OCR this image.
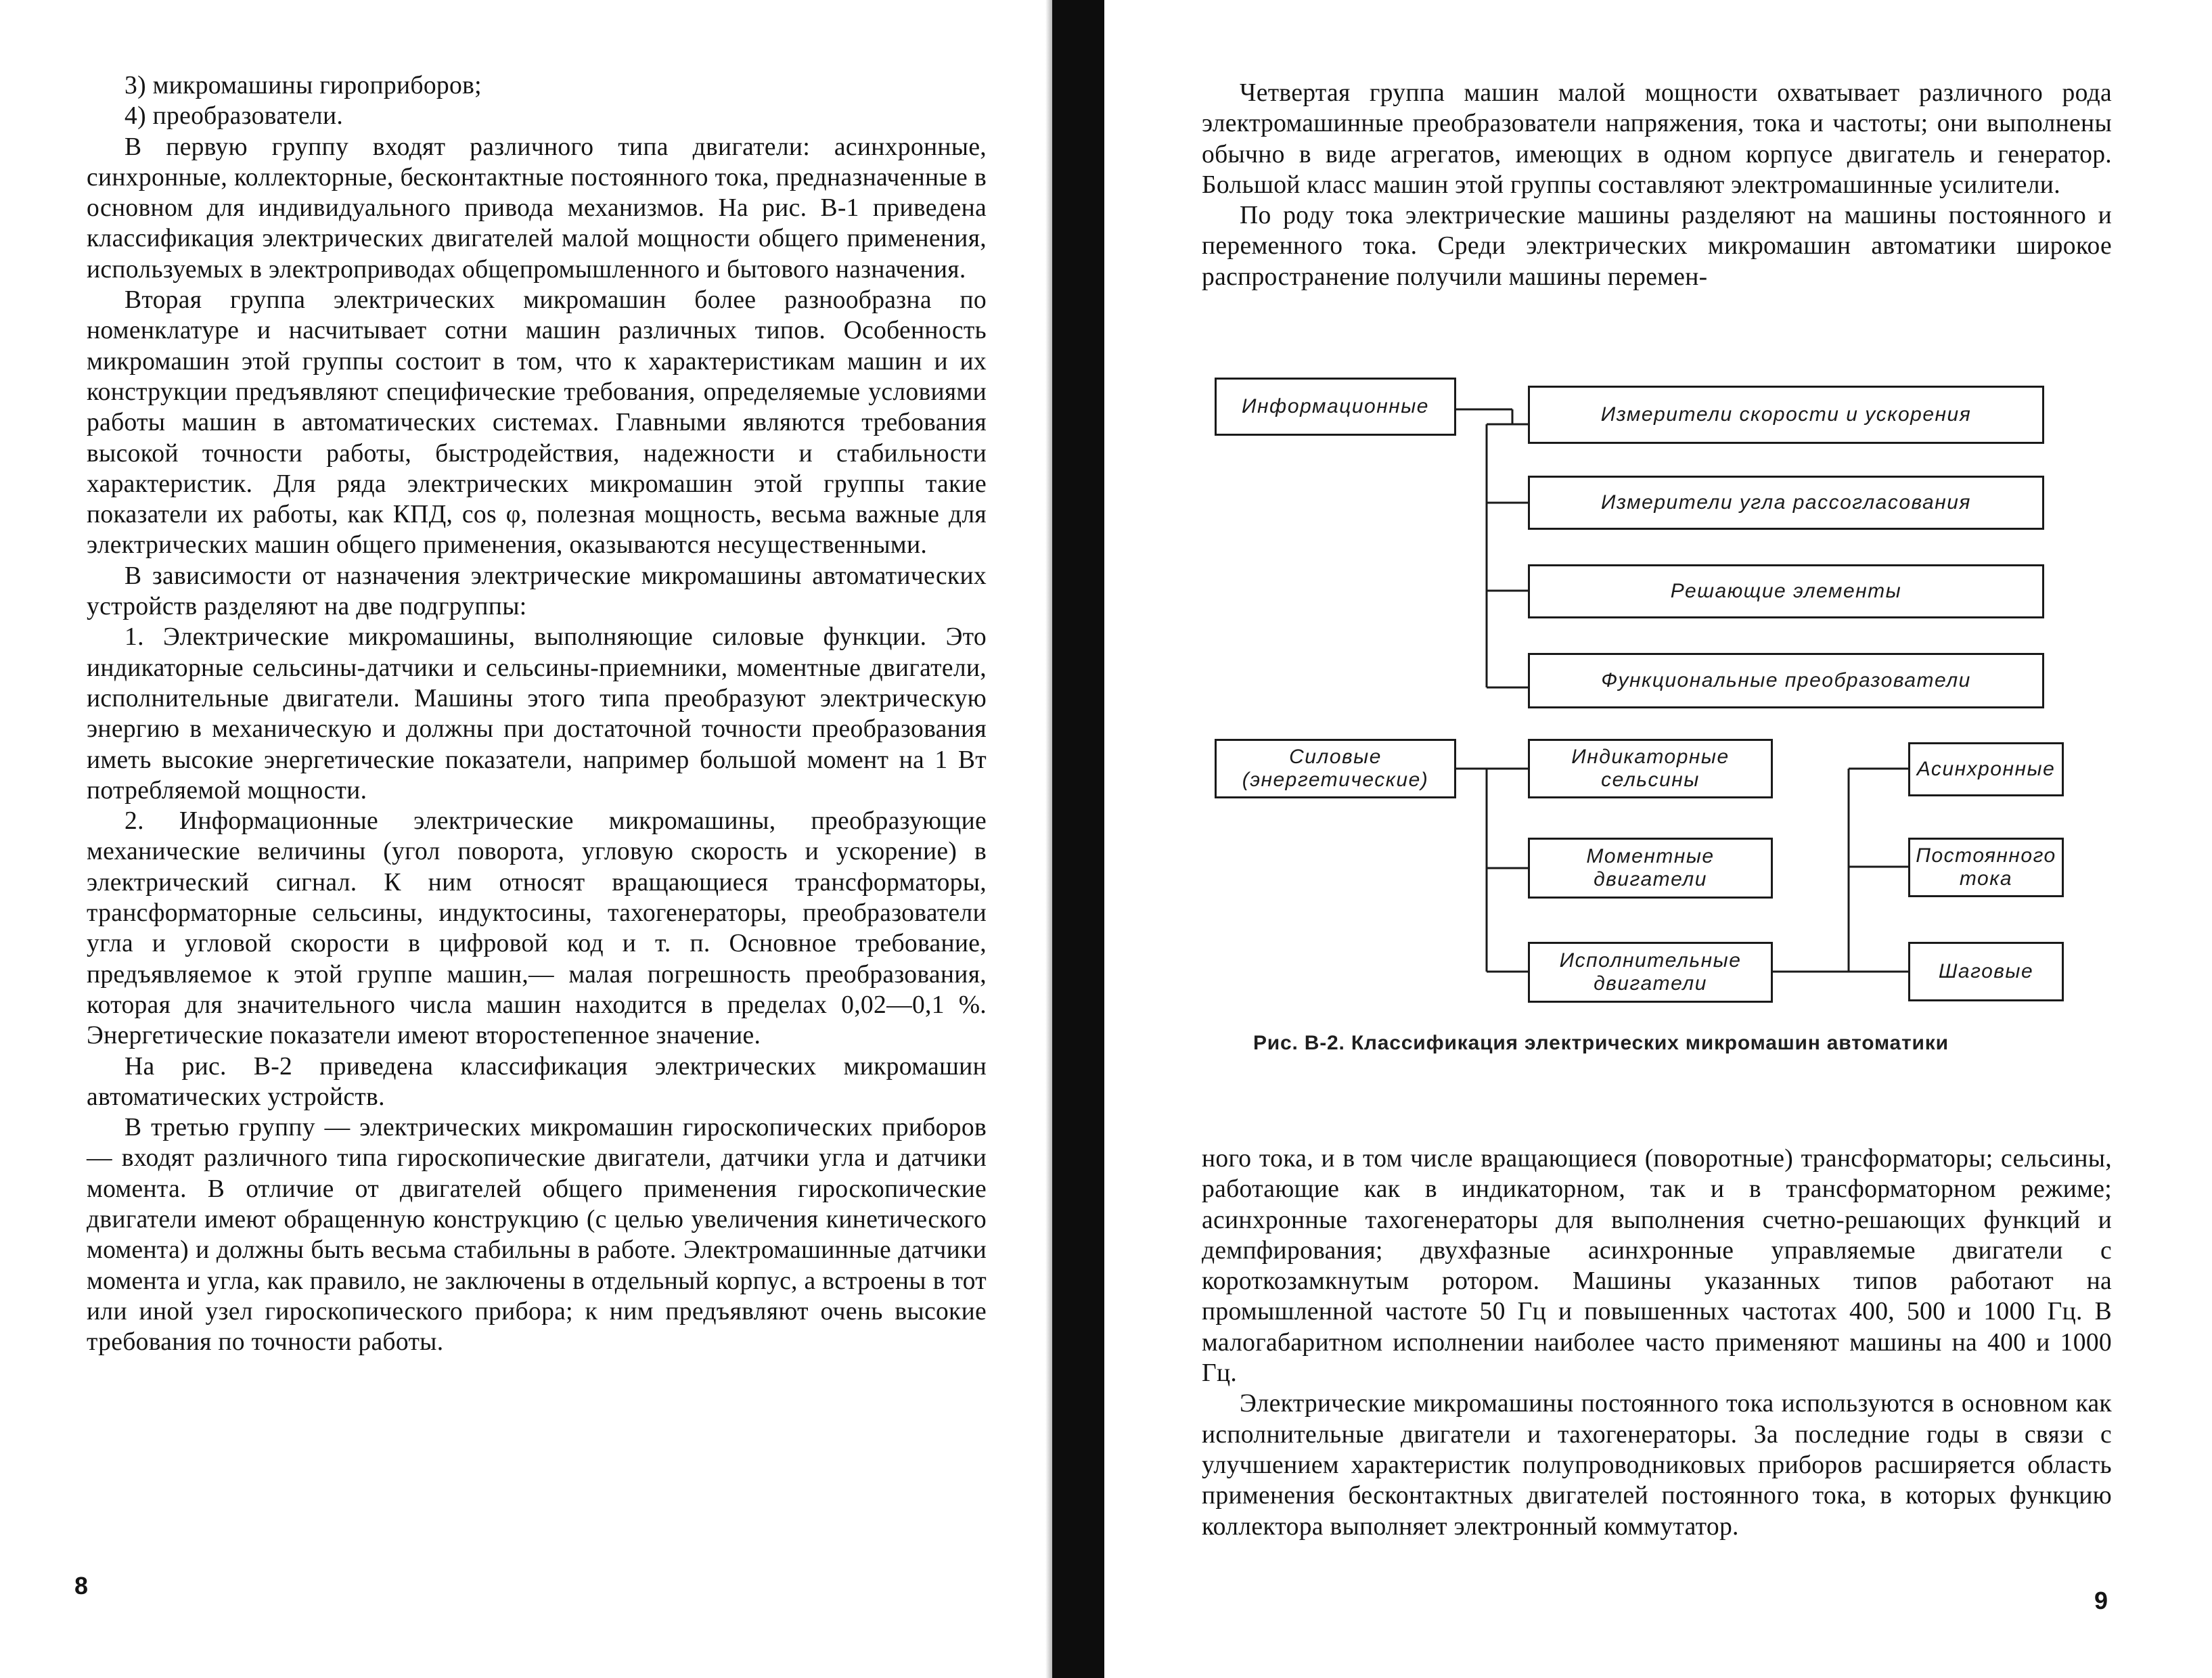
3) микромашины гироприборов;

4) преобразователи.

В первую группу входят различного типа двигатели: асинхронные, синхронные, коллекторные, бесконтактные постоянного тока, предназначенные в основном для индивидуального привода механизмов. На рис. В-1 приведена классификация электрических двигателей малой мощности общего применения, используемых в электроприводах общепромышленного и бытового назначения.

Вторая группа электрических микромашин более разнообразна по номенклатуре и насчитывает сотни машин различных типов. Особенность микромашин этой группы состоит в том, что к характеристикам машин и их конструкции предъявляют специфические требования, определяемые условиями работы машин в автоматических системах. Главными являются требования высокой точности работы, быстродействия, надежности и стабильности характеристик. Для ряда электрических микромашин этой группы такие показатели их работы, как КПД, cos φ, полезная мощность, весьма важные для электрических машин общего применения, оказываются несущественными.

В зависимости от назначения электрические микромашины автоматических устройств разделяют на две подгруппы:

1. Электрические микромашины, выполняющие силовые функции. Это индикаторные сельсины-датчики и сельсины-приемники, моментные двигатели, исполнительные двигатели. Машины этого типа преобразуют электрическую энергию в механическую и должны при достаточной точности преобразования иметь высокие энергетические показатели, например большой момент на 1 Вт потребляемой мощности.

2. Информационные электрические микромашины, преобразующие механические величины (угол поворота, угловую скорость и ускорение) в электрический сигнал. К ним относят вращающиеся трансформаторы, трансформаторные сельсины, индуктосины, тахогенераторы, преобразователи угла и угловой скорости в цифровой код и т. п. Основное требование, предъявляемое к этой группе машин,— малая погрешность преобразования, которая для значительного числа машин находится в пределах 0,02—0,1 %. Энергетические показатели имеют второстепенное значение.

На рис. В-2 приведена классификация электрических микромашин автоматических устройств.

В третью группу — электрических микромашин гироскопических приборов — входят различного типа гироскопические двигатели, датчики угла и датчики момента. В отличие от двигателей общего применения гироскопические двигатели имеют обращенную конструкцию (с целью увеличения кинетического момента) и должны быть весьма стабильны в работе. Электромашинные датчики момента и угла, как правило, не заключены в отдельный корпус, а встроены в тот или иной узел гироскопического прибора; к ним предъявляют очень высокие требования по точности работы.

8

Четвертая группа машин малой мощности охватывает различного рода электромашинные преобразователи напряжения, тока и частоты; они выполнены обычно в виде агрегатов, имеющих в одном корпусе двигатель и генератор. Большой класс машин этой группы составляют электромашинные усилители.

По роду тока электрические машины разделяют на машины постоянного и переменного тока. Среди электрических микромашин автоматики широкое распространение получили машины перемен-

Информационные	Измерители скорости и ускорения
Измерители угла рассогласования
Решающие элементы
Функциональные преобразователи
Силовые
(энергетические)
Индикаторные
сельсины
Моментные
двигатели
Исполнительные
двигатели
Асинхронные
Постоянного
тока
Шаговые
Рис. В-2. Классификация электрических микромашин автоматики

ного тока, и в том числе вращающиеся (поворотные) трансформаторы; сельсины, работающие как в индикаторном, так и в трансформаторном режиме; асинхронные тахогенераторы для выполнения счетно-решающих функций и демпфирования; двухфазные асинхронные управляемые двигатели с короткозамкнутым ротором. Машины указанных типов работают на промышленной частоте 50 Гц и повышенных частотах 400, 500 и 1000 Гц. В малогабаритном исполнении наиболее часто применяют машины на 400 и 1000 Гц.

Электрические микромашины постоянного тока используются в основном как исполнительные двигатели и тахогенераторы. За последние годы в связи с улучшением характеристик полупроводниковых приборов расширяется область применения бесконтактных двигателей постоянного тока, в которых функцию коллектора выполняет электронный коммутатор.

9
